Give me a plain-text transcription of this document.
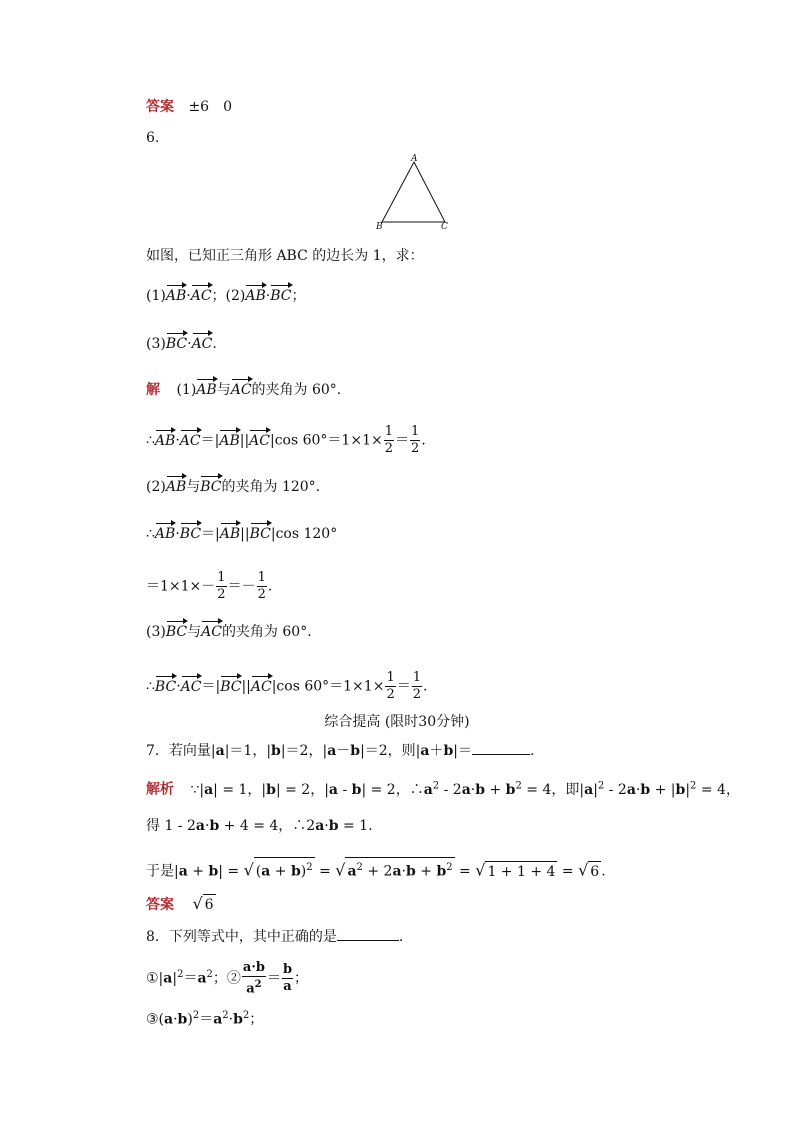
答案 ±6　0
6.
A
B	C
如图，已知正三角形 ABC 的边长为 1，求：
(1)AB·AC；(2)AB·BC；
(3)BC·AC.
解 (1)AB与AC的夹角为 60°.
∴AB·AC＝|AB||AC|cos $60^\circ=1\times 1\times \frac{1}{2} = \frac{1}{2}$ .
(2)AB与BC的夹角为 120°.
∴AB·BC＝|AB||BC|cos 120°
$=1\times 1\times- \frac{1}{2} =- \frac{1}{2}$ .
(3)BC与AC的夹角为 60°.
∴BC·AC＝|BC||AC|cos $60^\circ=1\times 1\times \frac{1}{2} = \frac{1}{2}$ .
综合提高 (限时30分钟)
7．若向量|a|＝1，|b|＝2，|a－b|＝2，则|a＋b|＝	.
解析 ∵|a| = 1，|b| = 2，|a - b| = 2，$\therefore a^2 - 2a\cdot b + b^2 = 4$，即$|a|^2 - 2a\cdot b + |b|^2 = 4$，
得 1 - 2a·b + 4 = 4，∴2a·b = 1.
于是|a + b| = √ $(a + b)^2$ = √ $a^2 + 2a\cdot b + b^2$ = √ 1 + 1 + 4 = √ 6 .
答案 √ 6
8．下列等式中，其中正确的是	.
$①|a|^2=a^2$；② $\frac{a\cdot b}{a^2} = \frac{b}{a}$ ；
$③(a\cdot b)^2=a^2\cdot b^2$；
